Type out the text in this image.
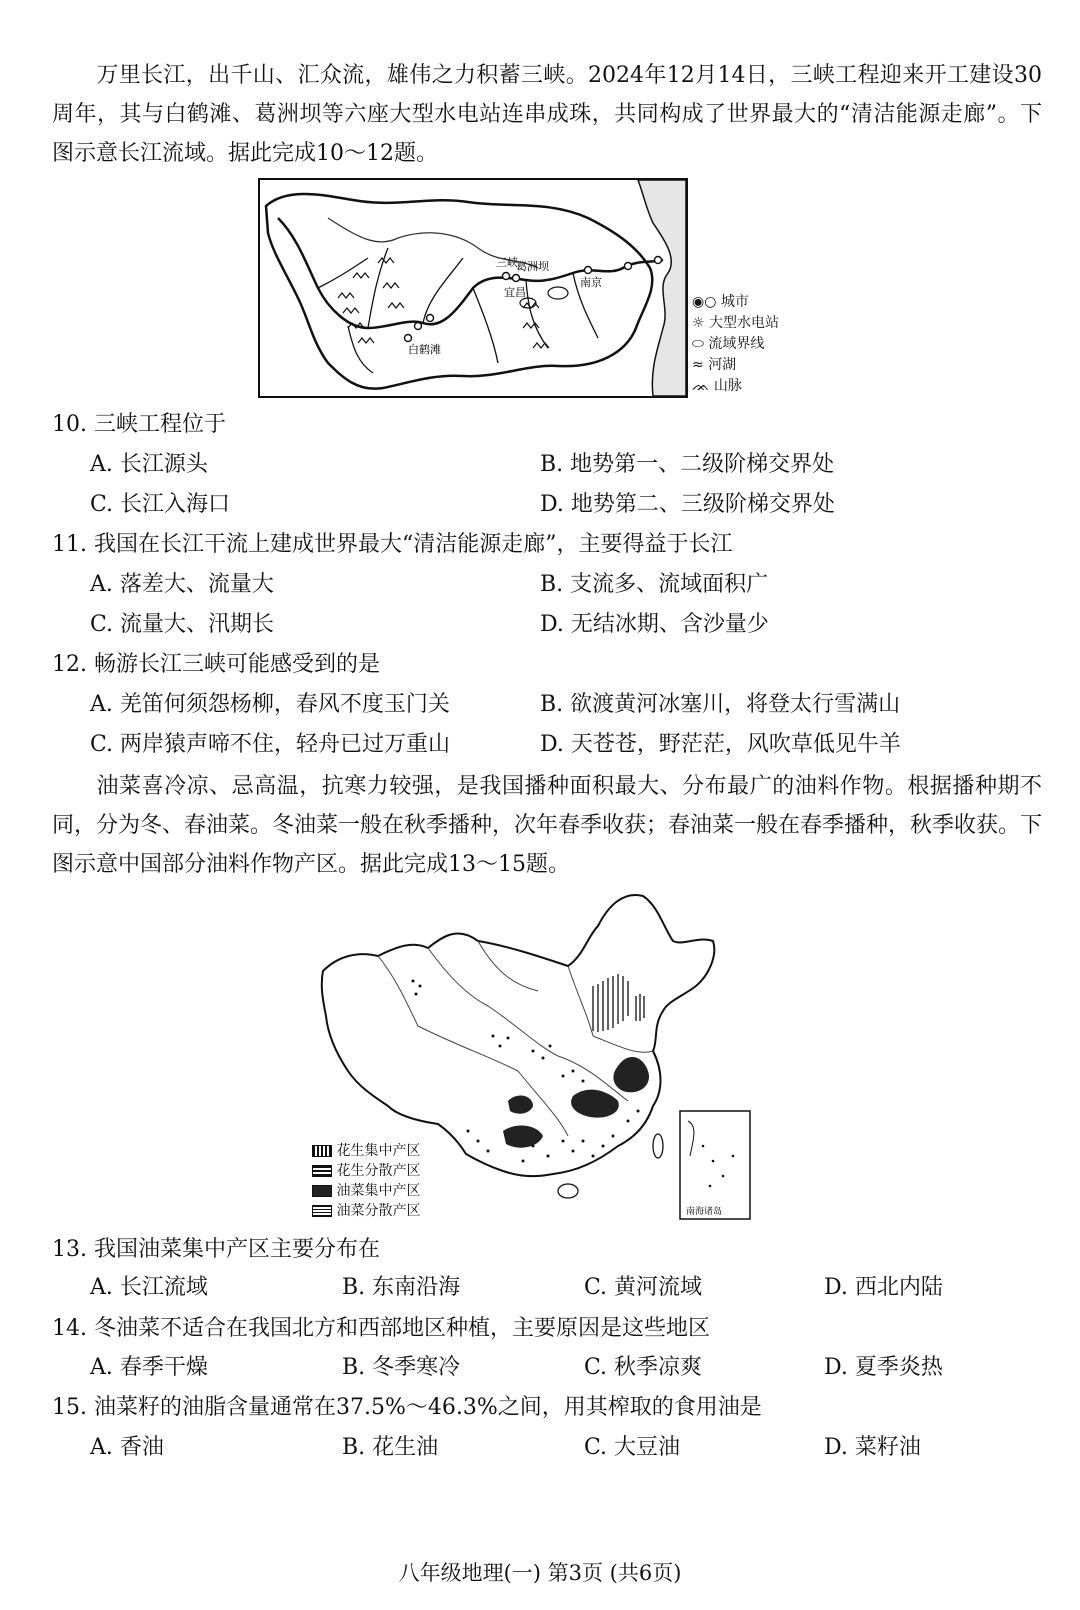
万里长江，出千山、汇众流，雄伟之力积蓄三峡。2024年12月14日，三峡工程迎来开工建设30周年，其与白鹤滩、葛洲坝等六座大型水电站连串成珠，共同构成了世界最大的“清洁能源走廊”。下图示意长江流域。据此完成10～12题。
三峡
葛洲坝
宜昌
南京
白鹤滩
◉○ 城市
☼ 大型水电站
⬭ 流域界线
≈ 河湖
ᨏ 山脉
10. 三峡工程位于
A. 长江源头	B. 地势第一、二级阶梯交界处
C. 长江入海口	D. 地势第二、三级阶梯交界处
11. 我国在长江干流上建成世界最大“清洁能源走廊”，主要得益于长江
A. 落差大、流量大	B. 支流多、流域面积广
C. 流量大、汛期长	D. 无结冰期、含沙量少
12. 畅游长江三峡可能感受到的是
A. 羌笛何须怨杨柳，春风不度玉门关	B. 欲渡黄河冰塞川，将登太行雪满山
C. 两岸猿声啼不住，轻舟已过万重山	D. 天苍苍，野茫茫，风吹草低见牛羊
油菜喜冷凉、忌高温，抗寒力较强，是我国播种面积最大、分布最广的油料作物。根据播种期不同，分为冬、春油菜。冬油菜一般在秋季播种，次年春季收获；春油菜一般在春季播种，秋季收获。下图示意中国部分油料作物产区。据此完成13～15题。
南海诸岛
花生集中产区
花生分散产区
油菜集中产区
油菜分散产区
13. 我国油菜集中产区主要分布在
A. 长江流域	B. 东南沿海	C. 黄河流域	D. 西北内陆
14. 冬油菜不适合在我国北方和西部地区种植，主要原因是这些地区
A. 春季干燥	B. 冬季寒冷	C. 秋季凉爽	D. 夏季炎热
15. 油菜籽的油脂含量通常在37.5%～46.3%之间，用其榨取的食用油是
A. 香油	B. 花生油	C. 大豆油	D. 菜籽油
八年级地理(一) 第3页 (共6页)
